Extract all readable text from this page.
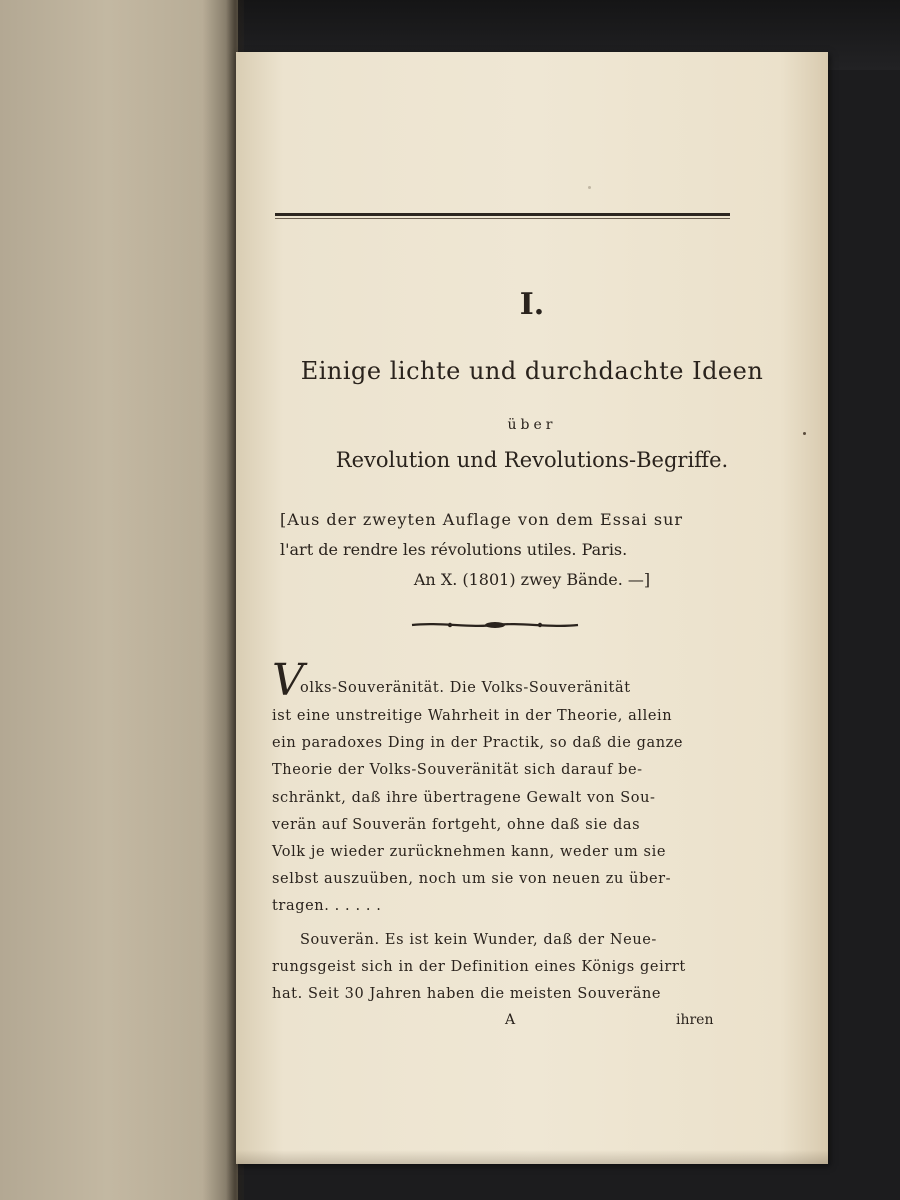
I.
Einige lichte und durchdachte Ideen
über
Revolution und Revolutions-Begriffe.
[Aus der zweyten Auflage von dem Essai sur
l'art de rendre les révolutions utiles. Paris.
An X. (1801) zwey Bände. —]
V
olks-Souveränität. Die Volks-Souveränität
ist eine unstreitige Wahrheit in der Theorie, allein
ein paradoxes Ding in der Practik, so daß die ganze
Theorie der Volks-Souveränität sich darauf be-
schränkt, daß ihre übertragene Gewalt von Sou-
verän auf Souverän fortgeht, ohne daß sie das
Volk je wieder zurücknehmen kann, weder um sie
selbst auszuüben, noch um sie von neuen zu über-
tragen. . . . . .
Souverän. Es ist kein Wunder, daß der Neue-
rungsgeist sich in der Definition eines Königs geirrt
hat. Seit 30 Jahren haben die meisten Souveräne
A	ihren
